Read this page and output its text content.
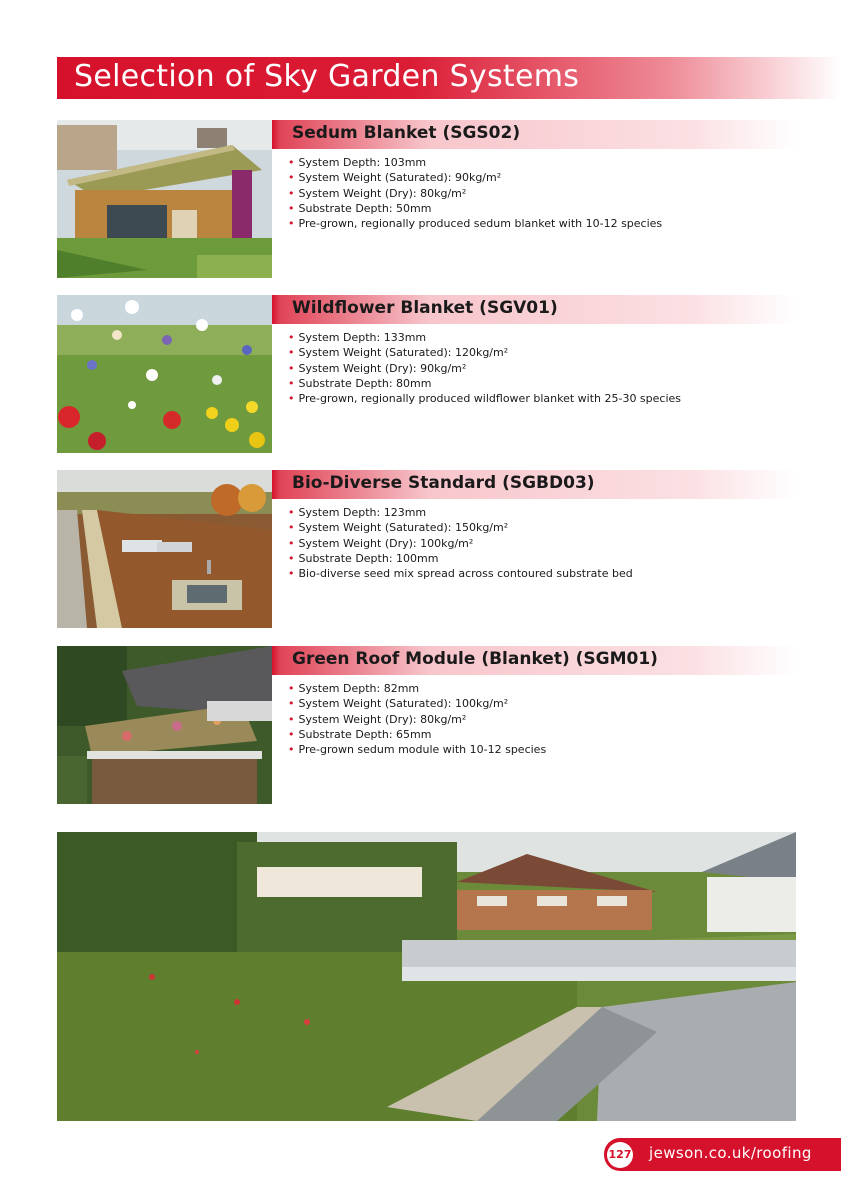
Selection of Sky Garden Systems
Sedum Blanket (SGS02)
• System Depth: 103mm
• System Weight (Saturated): 90kg/m²
• System Weight (Dry): 80kg/m²
• Substrate Depth: 50mm
• Pre-grown, regionally produced sedum blanket with 10-12 species
Wildflower Blanket (SGV01)
• System Depth: 133mm
• System Weight (Saturated): 120kg/m²
• System Weight (Dry): 90kg/m²
• Substrate Depth: 80mm
• Pre-grown, regionally produced wildflower blanket with 25-30 species
Bio-Diverse Standard (SGBD03)
• System Depth: 123mm
• System Weight (Saturated): 150kg/m²
• System Weight (Dry): 100kg/m²
• Substrate Depth: 100mm
• Bio-diverse seed mix spread across contoured substrate bed
Green Roof Module (Blanket) (SGM01)
• System Depth: 82mm
• System Weight (Saturated): 100kg/m²
• System Weight (Dry): 80kg/m²
• Substrate Depth: 65mm
• Pre-grown sedum module with 10-12 species
127 jewson.co.uk/roofing
